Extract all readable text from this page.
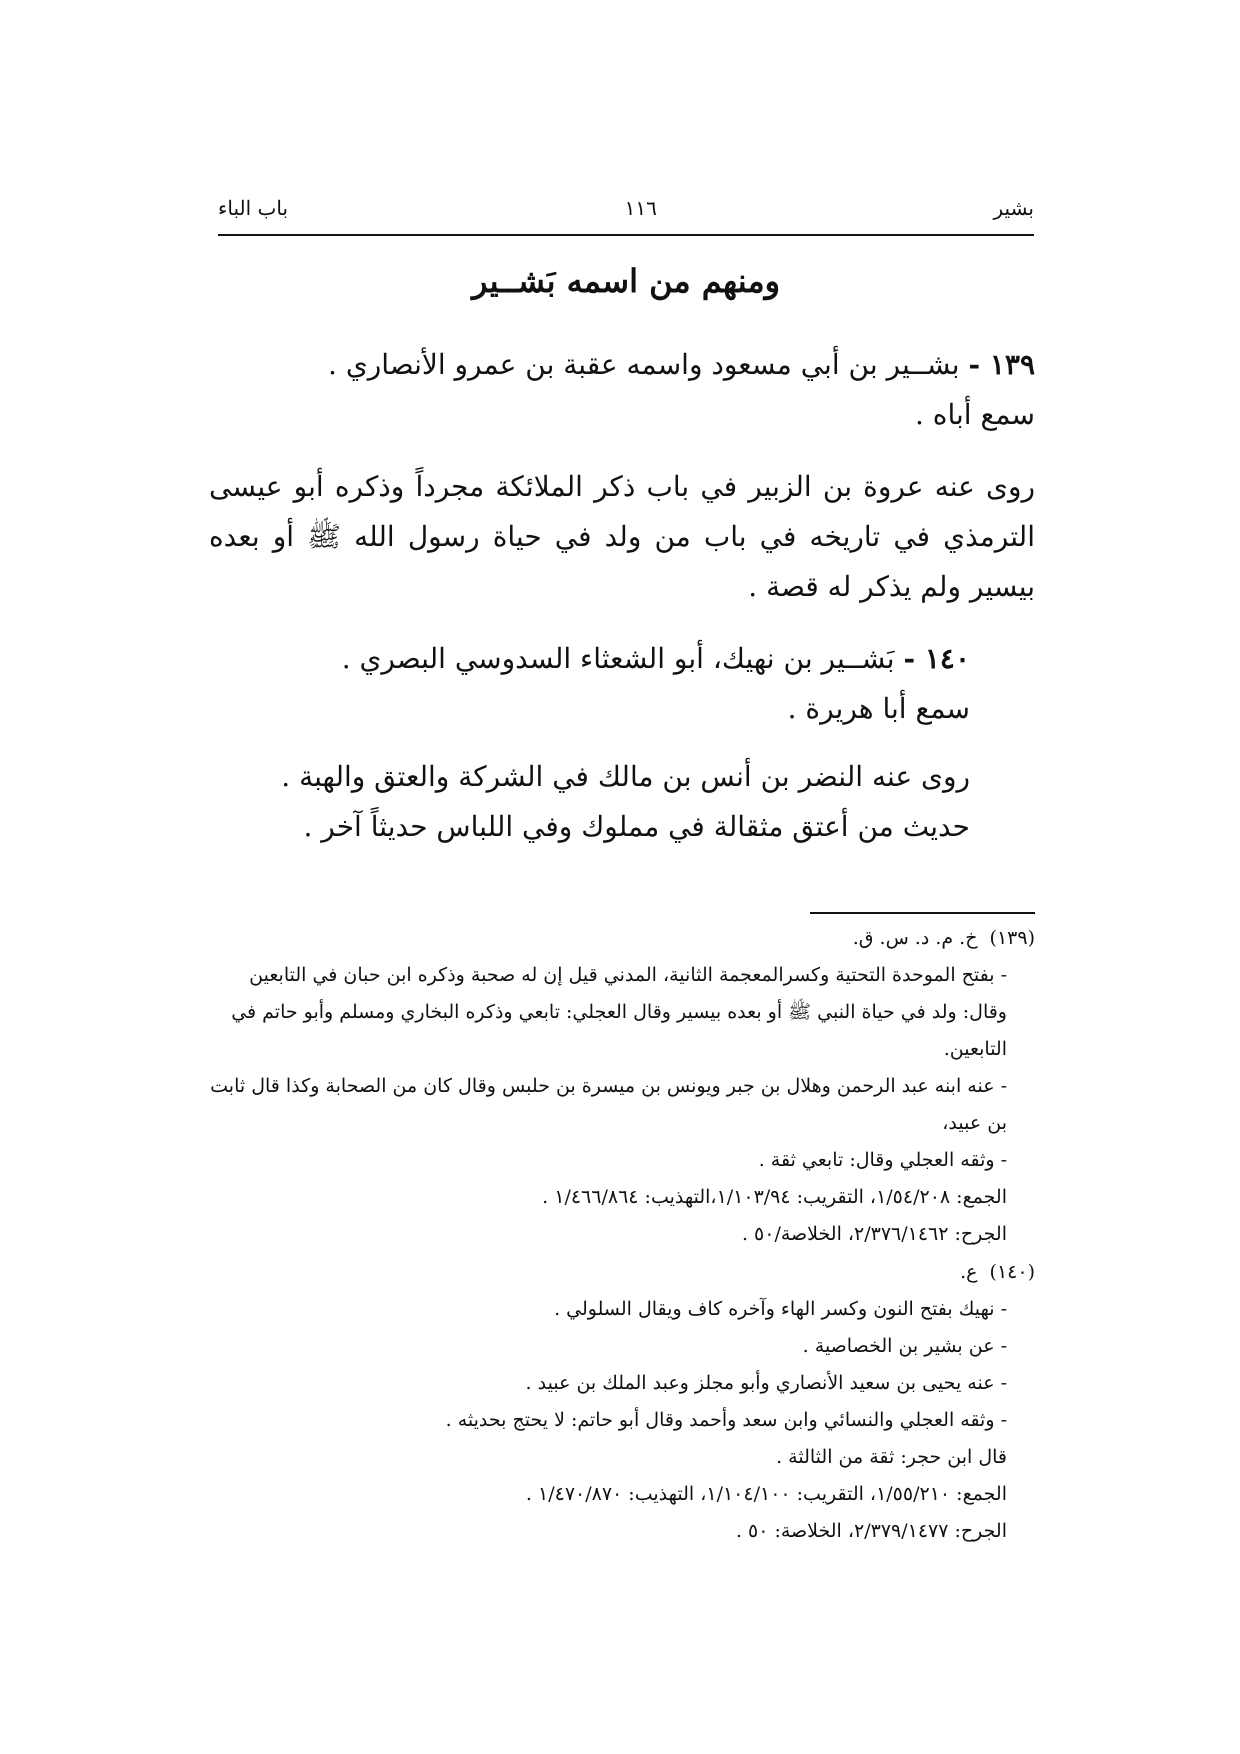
بشير
١١٦
باب الباء
ومنهم من اسمه بَشــير

١٣٩ - بشــير بن أبي مسعود واسمه عقبة بن عمرو الأنصاري .

سمع أباه .

روى عنه عروة بن الزبير في باب ذكر الملائكة مجرداً وذكره أبو عيسى الترمذي في تاريخه في باب من ولد في حياة رسول الله ﷺ أو بعده بيسير ولم يذكر له قصة .

١٤٠ - بَشــير بن نهيك، أبو الشعثاء السدوسي البصري .

سمع أبا هريرة .

روى عنه النضر بن أنس بن مالك في الشركة والعتق والهبة .

حديث من أعتق مثقالة في مملوك وفي اللباس حديثاً آخر .

(١٣٩) خ. م. د. س. ق.

- بفتح الموحدة التحتية وكسرالمعجمة الثانية، المدني قيل إن له صحبة وذكره ابن حبان في التابعين وقال: ولد في حياة النبي ﷺ أو بعده بيسير وقال العجلي: تابعي وذكره البخاري ومسلم وأبو حاتم في التابعين.

- عنه ابنه عبد الرحمن وهلال بن جبر ويونس بن ميسرة بن حلبس وقال كان من الصحابة وكذا قال ثابت بن عبيد،

- وثقه العجلي وقال: تابعي ثقة .

الجمع: ١/٥٤/٢٠٨، التقريب: ١/١٠٣/٩٤،التهذيب: ١/٤٦٦/٨٦٤ .

الجرح: ٢/٣٧٦/١٤٦٢، الخلاصة/٥٠ .

(١٤٠) ع.

- نهيك بفتح النون وكسر الهاء وآخره كاف ويقال السلولي .

- عن بشير بن الخصاصية .

- عنه يحيى بن سعيد الأنصاري وأبو مجلز وعبد الملك بن عبيد .

- وثقه العجلي والنسائي وابن سعد وأحمد وقال أبو حاتم: لا يحتج بحديثه .

قال ابن حجر: ثقة من الثالثة .

الجمع: ١/٥٥/٢١٠، التقريب: ١/١٠٤/١٠٠، التهذيب: ١/٤٧٠/٨٧٠ .

الجرح: ٢/٣٧٩/١٤٧٧، الخلاصة: ٥٠ .
